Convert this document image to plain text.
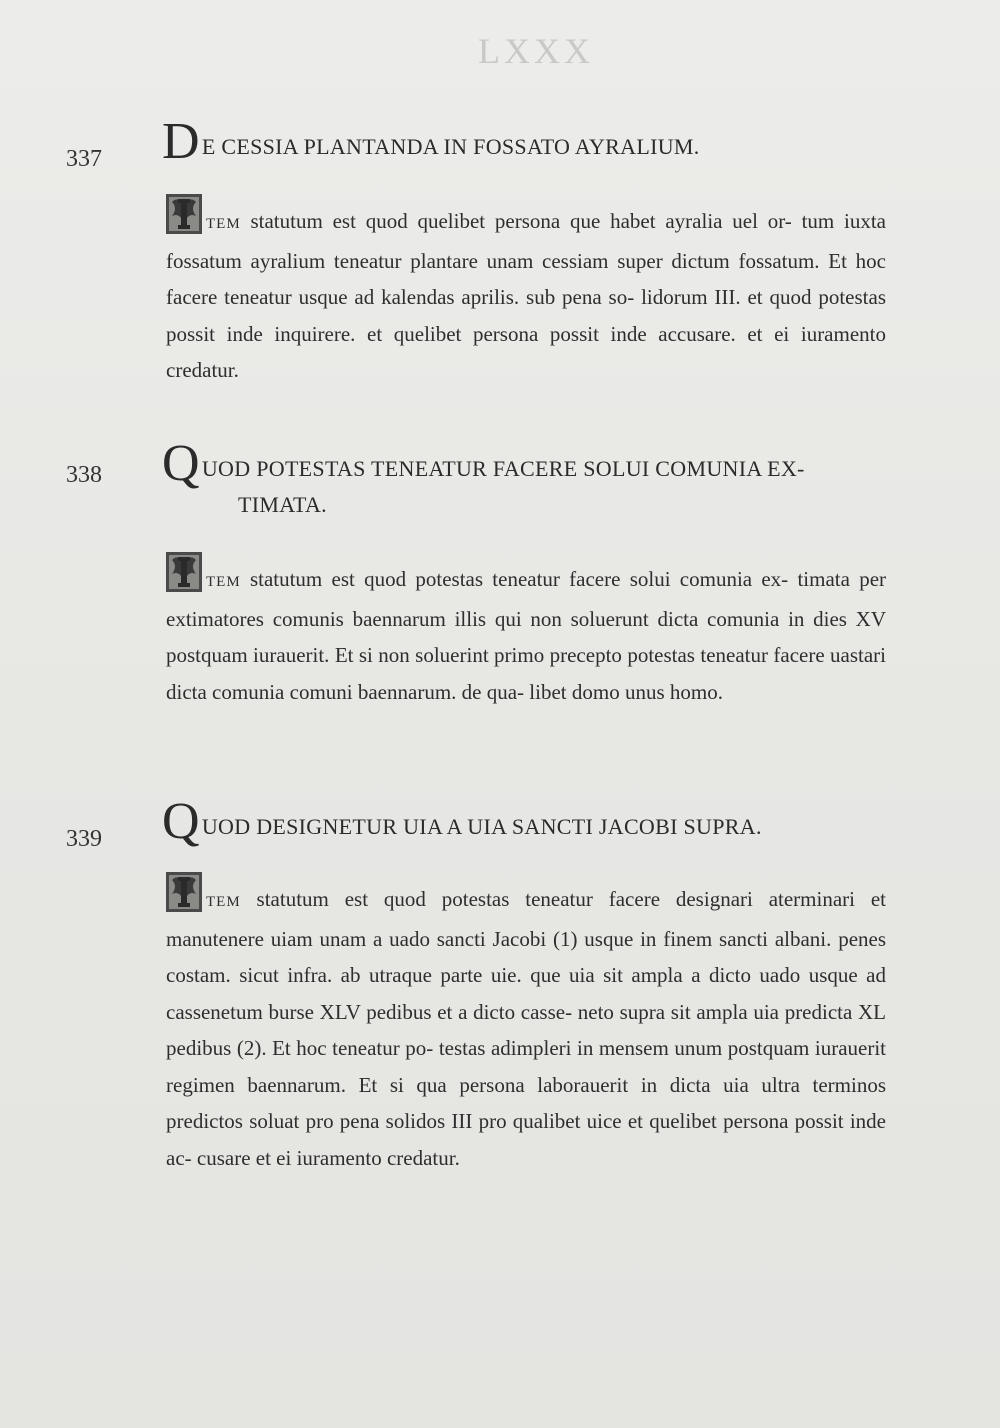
LXXX
337 DE CESSIA PLANTANDA IN FOSSATO AYRALIUM.
TEM statutum est quod quelibet persona que habet ayralia uel or- tum iuxta fossatum ayralium teneatur plantare unam cessiam super dictum fossatum. Et hoc facere teneatur usque ad kalendas aprilis. sub pena so- lidorum III. et quod potestas possit inde inquirere. et quelibet persona possit inde accusare. et ei iuramento credatur.
338 QUOD POTESTAS TENEATUR FACERE SOLUI COMUNIA EX-
TIMATA.
TEM statutum est quod potestas teneatur facere solui comunia ex- timata per extimatores comunis baennarum illis qui non soluerunt dicta comunia in dies XV postquam iurauerit. Et si non soluerint primo precepto potestas teneatur facere uastari dicta comunia comuni baennarum. de qua- libet domo unus homo.
339 QUOD DESIGNETUR UIA A UIA SANCTI JACOBI SUPRA.
TEM statutum est quod potestas teneatur facere designari aterminari et manutenere uiam unam a uado sancti Jacobi (1) usque in finem sancti albani. penes costam. sicut infra. ab utraque parte uie. que uia sit ampla a dicto uado usque ad cassenetum burse XLV pedibus et a dicto casse- neto supra sit ampla uia predicta XL pedibus (2). Et hoc teneatur po- testas adimpleri in mensem unum postquam iurauerit regimen baennarum. Et si qua persona laborauerit in dicta uia ultra terminos predictos soluat pro pena solidos III pro qualibet uice et quelibet persona possit inde ac- cusare et ei iuramento credatur.
